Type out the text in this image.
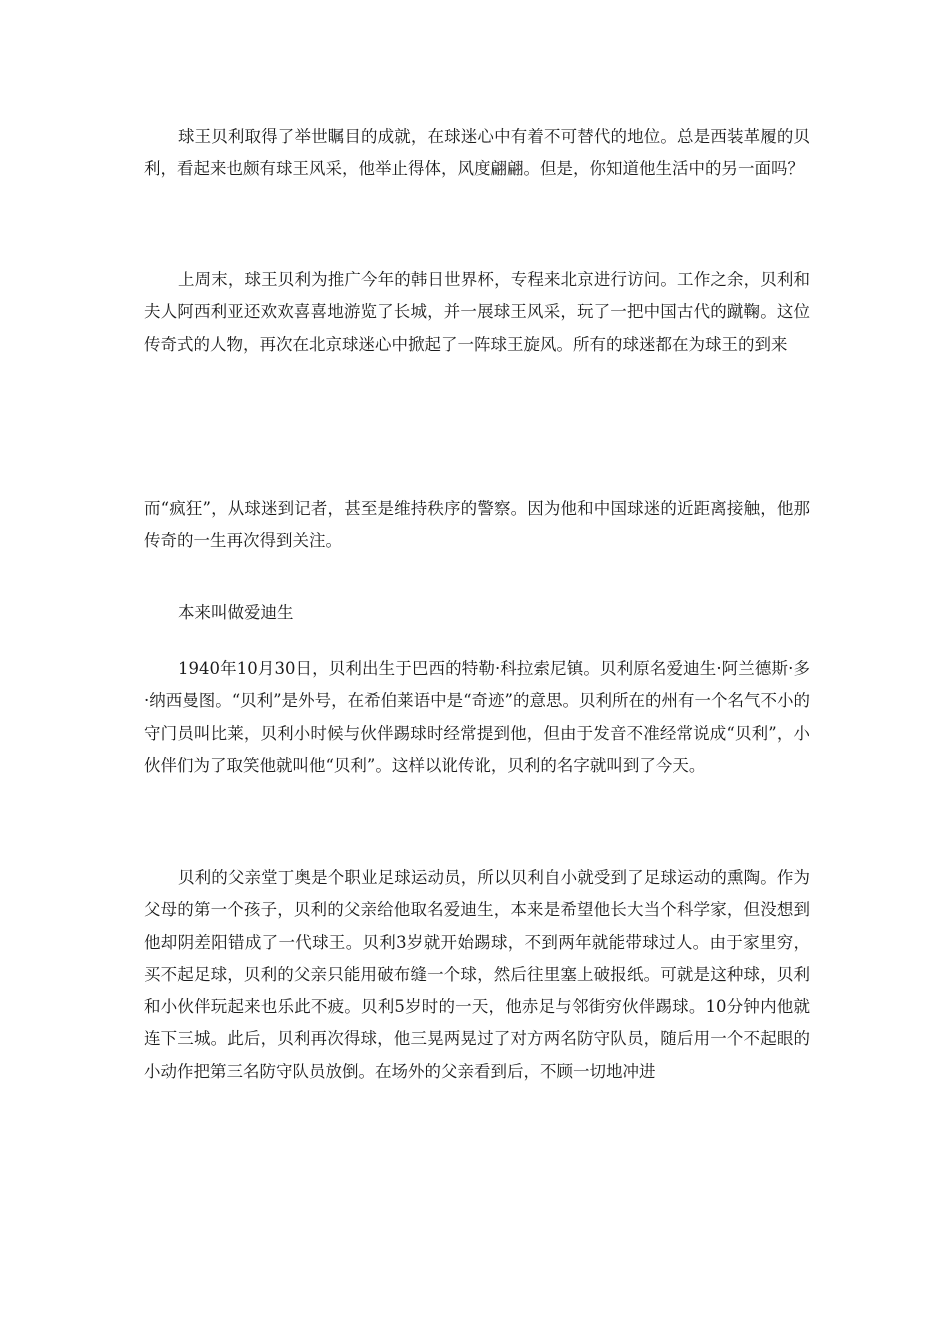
球王贝利取得了举世瞩目的成就，在球迷心中有着不可替代的地位。总是西装革履的贝利，看起来也颇有球王风采，他举止得体，风度翩翩。但是，你知道他生活中的另一面吗？

上周末，球王贝利为推广今年的韩日世界杯，专程来北京进行访问。工作之余，贝利和夫人阿西利亚还欢欢喜喜地游览了长城，并一展球王风采，玩了一把中国古代的蹴鞠。这位传奇式的人物，再次在北京球迷心中掀起了一阵球王旋风。所有的球迷都在为球王的到来

而“疯狂”，从球迷到记者，甚至是维持秩序的警察。因为他和中国球迷的近距离接触，他那传奇的一生再次得到关注。

本来叫做爱迪生

1940年10月30日，贝利出生于巴西的特勒·科拉索尼镇。贝利原名爱迪生·阿兰德斯·多·纳西曼图。“贝利”是外号，在希伯莱语中是“奇迹”的意思。贝利所在的州有一个名气不小的守门员叫比莱，贝利小时候与伙伴踢球时经常提到他，但由于发音不准经常说成“贝利”，小伙伴们为了取笑他就叫他“贝利”。这样以讹传讹，贝利的名字就叫到了今天。

贝利的父亲堂丁奥是个职业足球运动员，所以贝利自小就受到了足球运动的熏陶。作为父母的第一个孩子，贝利的父亲给他取名爱迪生，本来是希望他长大当个科学家，但没想到他却阴差阳错成了一代球王。贝利3岁就开始踢球，不到两年就能带球过人。由于家里穷，买不起足球，贝利的父亲只能用破布缝一个球，然后往里塞上破报纸。可就是这种球，贝利和小伙伴玩起来也乐此不疲。贝利5岁时的一天，他赤足与邻街穷伙伴踢球。10分钟内他就连下三城。此后，贝利再次得球，他三晃两晃过了对方两名防守队员，随后用一个不起眼的小动作把第三名防守队员放倒。在场外的父亲看到后，不顾一切地冲进
